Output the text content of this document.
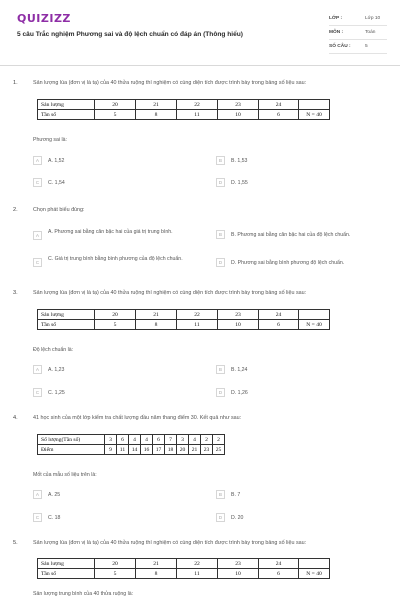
QUIZIZZ
5 câu Trắc nghiệm Phương sai và độ lệch chuẩn có đáp án (Thông hiểu)
LỚP :	Lớp 10
MÔN :	Toán
SỐ CÂU :	5
1.	Sản lượng lúa (đơn vị là tạ) của 40 thửa ruộng thí nghiệm có cùng diện tích được trình bày trong bảng số liệu sau:
Sản lượng	20	21	22	23	24	
Tần số	5	8	11	10	6	N = 40
Phương sai là:
A	A. 1,52	B	B. 1,53
C	C. 1,54	D	D. 1,55
2.	Chọn phát biểu đúng:
A
A. Phương sai bằng căn bậc hai của giá trị trung bình.	B	B. Phương sai bằng căn bậc hai của độ lệch chuẩn.
C
C. Giá trị trung bình bằng bình phương của độ lệch chuẩn.
D	D. Phương sai bằng bình phương độ lệch chuẩn.
3.	Sản lượng lúa (đơn vị là tạ) của 40 thửa ruộng thí nghiệm có cùng diện tích được trình bày trong bảng số liệu sau:
Sản lượng	20	21	22	23	24	
Tần số	5	8	11	10	6	N = 40
Độ lệch chuẩn là:
A	A. 1,23	B	B. 1,24
C	C. 1,25	D	D. 1,26
4.	41 học sinh của một lớp kiểm tra chất lượng đầu năm thang điểm 30. Kết quả như sau:
Số lượng(Tần số)	3	6	4	4	6	7	3	4	2	2
Điểm	9	11	14	16	17	18	20	21	23	25
Mốt của mẫu số liệu trên là:
A	A. 25	B	B. 7
C	C. 18	D	D. 20
5.	Sản lượng lúa (đơn vị là tạ) của 40 thửa ruộng thí nghiệm có cùng diện tích được trình bày trong bảng số liệu sau:
Sản lượng	20	21	22	23	24	
Tần số	5	8	11	10	6	N = 40
Sản lượng trung bình của 40 thửa ruộng là:
